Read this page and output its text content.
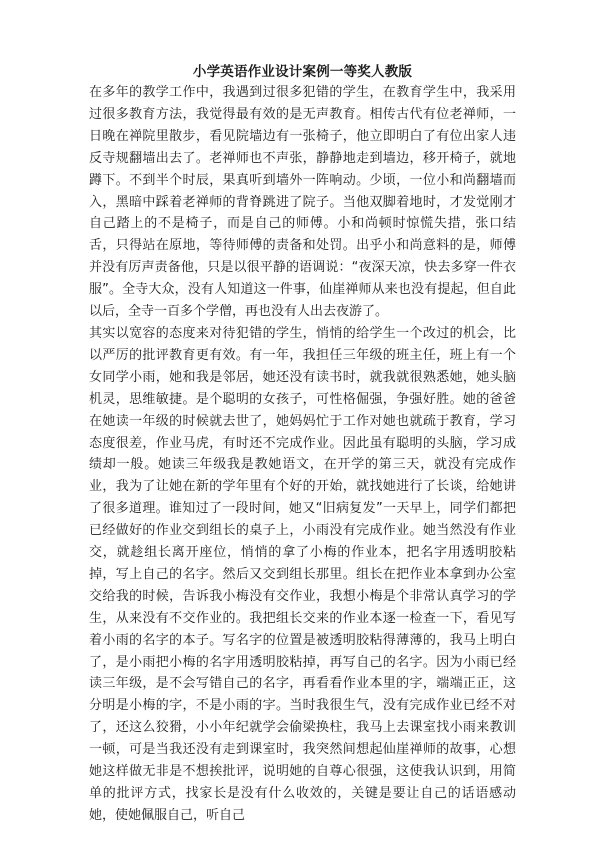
小学英语作业设计案例一等奖人教版

在多年的教学工作中，我遇到过很多犯错的学生，在教育学生中，我采用过很多教育方法，我觉得最有效的是无声教育。相传古代有位老禅师，一日晚在禅院里散步，看见院墙边有一张椅子，他立即明白了有位出家人违反寺规翻墙出去了。老禅师也不声张，静静地走到墙边，移开椅子，就地蹲下。不到半个时辰，果真听到墙外一阵响动。少顷，一位小和尚翻墙而入，黑暗中踩着老禅师的背脊跳进了院子。当他双脚着地时，才发觉刚才自己踏上的不是椅子，而是自己的师傅。小和尚顿时惊慌失措，张口结舌，只得站在原地，等待师傅的责备和处罚。出乎小和尚意料的是，师傅并没有厉声责备他，只是以很平静的语调说：“夜深天凉，快去多穿一件衣服”。全寺大众，没有人知道这一件事，仙崖禅师从来也没有提起，但自此以后，全寺一百多个学僧，再也没有人出去夜游了。

其实以宽容的态度来对待犯错的学生，悄悄的给学生一个改过的机会，比以严厉的批评教育更有效。有一年，我担任三年级的班主任，班上有一个女同学小雨，她和我是邻居，她还没有读书时，就我就很熟悉她，她头脑机灵，思维敏捷。是个聪明的女孩子，可性格倔强，争强好胜。她的爸爸在她读一年级的时候就去世了，她妈妈忙于工作对她也就疏于教育，学习态度很差，作业马虎，有时还不完成作业。因此虽有聪明的头脑，学习成绩却一般。她读三年级我是教她语文，在开学的第三天，就没有完成作业，我为了让她在新的学年里有个好的开始，就找她进行了长谈，给她讲了很多道理。谁知过了一段时间，她又“旧病复发”一天早上，同学们都把已经做好的作业交到组长的桌子上，小雨没有完成作业。她当然没有作业交，就趁组长离开座位，悄悄的拿了小梅的作业本，把名字用透明胶粘掉，写上自己的名字。然后又交到组长那里。组长在把作业本拿到办公室交给我的时候，告诉我小梅没有交作业，我想小梅是个非常认真学习的学生，从来没有不交作业的。我把组长交来的作业本逐一检查一下，看见写着小雨的名字的本子。写名字的位置是被透明胶粘得薄薄的，我马上明白了，是小雨把小梅的名字用透明胶粘掉，再写自己的名字。因为小雨已经读三年级，是不会写错自己的名字，再看看作业本里的字，端端正正，这分明是小梅的字，不是小雨的字。当时我很生气，没有完成作业已经不对了，还这么狡猾，小小年纪就学会偷梁换柱，我马上去课室找小雨来教训一顿，可是当我还没有走到课室时，我突然间想起仙崖禅师的故事，心想她这样做无非是不想挨批评，说明她的自尊心很强，这使我认识到，用简单的批评方式，找家长是没有什么收效的，关键是要让自己的话语感动她，使她佩服自己，听自己
